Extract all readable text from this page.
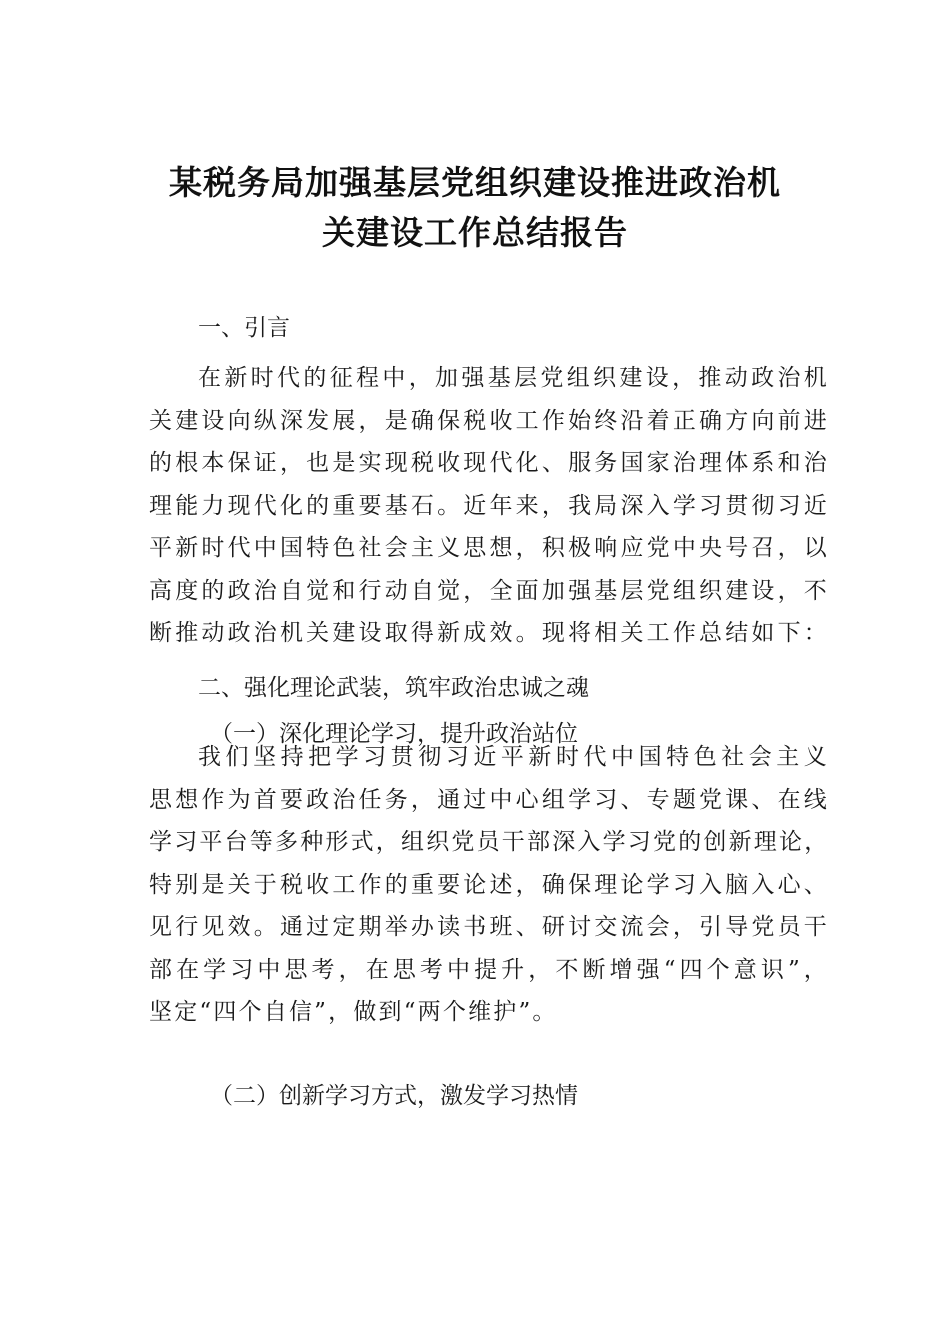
某税务局加强基层党组织建设推进政治机
关建设工作总结报告
一、引言
在新时代的征程中，加强基层党组织建设，推动政治机
关建设向纵深发展，是确保税收工作始终沿着正确方向前进
的根本保证，也是实现税收现代化、服务国家治理体系和治
理能力现代化的重要基石。近年来，我局深入学习贯彻习近
平新时代中国特色社会主义思想，积极响应党中央号召，以
高度的政治自觉和行动自觉，全面加强基层党组织建设，不
断推动政治机关建设取得新成效。现将相关工作总结如下：
二、强化理论武装，筑牢政治忠诚之魂
（一）深化理论学习，提升政治站位
我们坚持把学习贯彻习近平新时代中国特色社会主义
思想作为首要政治任务，通过中心组学习、专题党课、在线
学习平台等多种形式，组织党员干部深入学习党的创新理论，
特别是关于税收工作的重要论述，确保理论学习入脑入心、
见行见效。通过定期举办读书班、研讨交流会，引导党员干
部在学习中思考，在思考中提升，不断增强“四个意识”，
坚定“四个自信”，做到“两个维护”。
（二）创新学习方式，激发学习热情
